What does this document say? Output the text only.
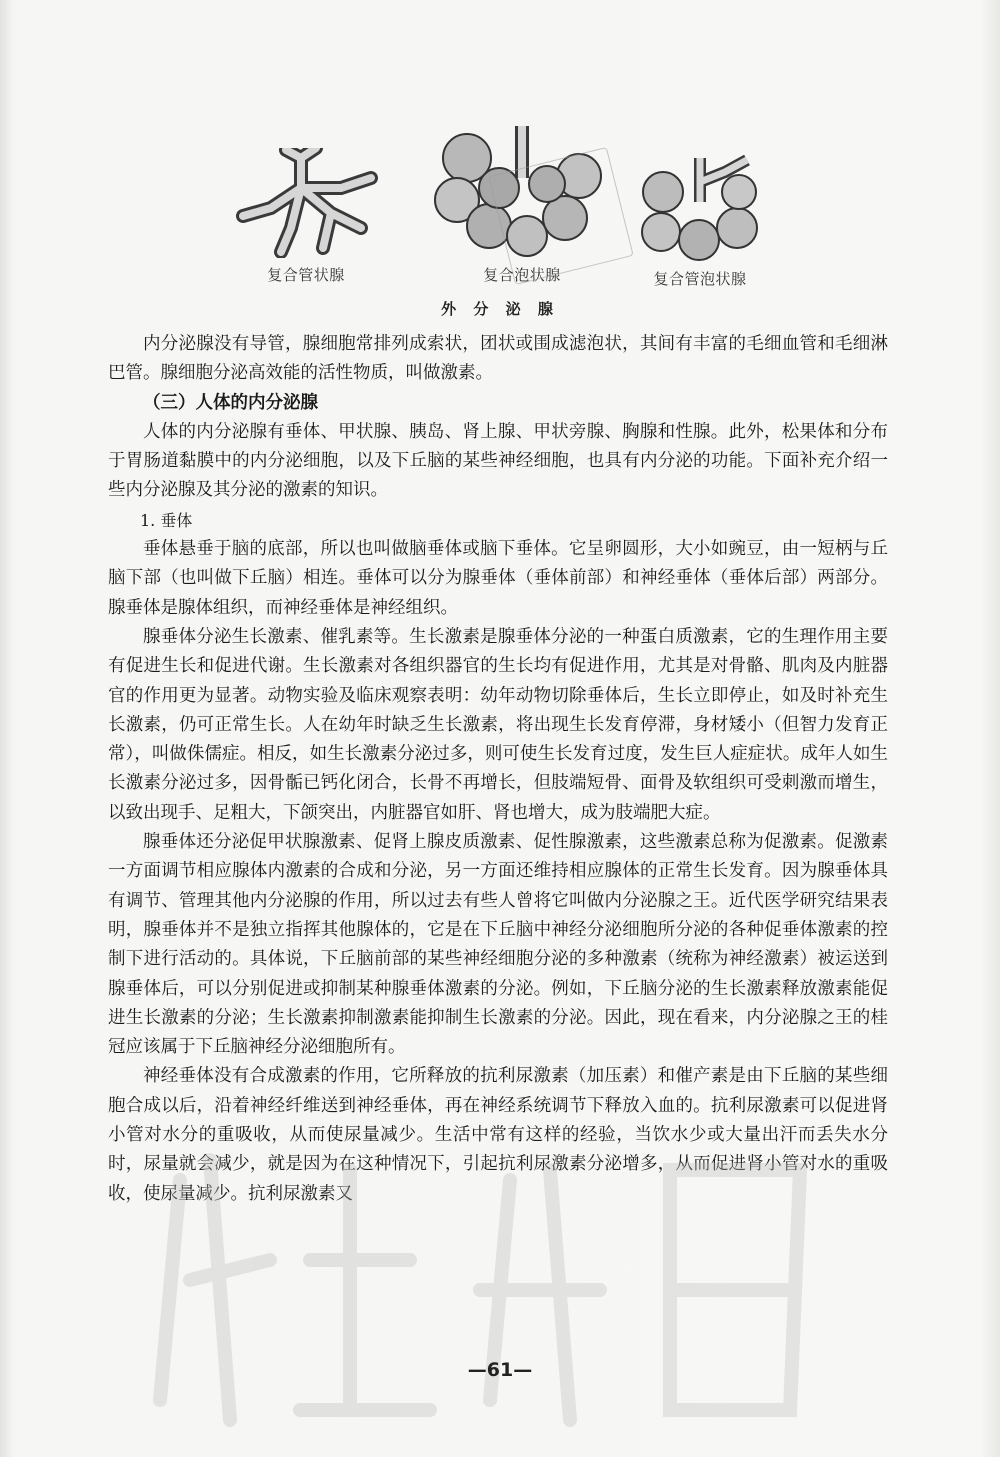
复合管状腺	复合泡状腺	复合管泡状腺
外 分 泌 腺

内分泌腺没有导管，腺细胞常排列成索状，团状或围成滤泡状，其间有丰富的毛细血管和毛细淋巴管。腺细胞分泌高效能的活性物质，叫做激素。

（三）人体的内分泌腺

人体的内分泌腺有垂体、甲状腺、胰岛、肾上腺、甲状旁腺、胸腺和性腺。此外，松果体和分布于胃肠道黏膜中的内分泌细胞，以及下丘脑的某些神经细胞，也具有内分泌的功能。下面补充介绍一些内分泌腺及其分泌的激素的知识。

1. 垂体

垂体悬垂于脑的底部，所以也叫做脑垂体或脑下垂体。它呈卵圆形，大小如豌豆，由一短柄与丘脑下部（也叫做下丘脑）相连。垂体可以分为腺垂体（垂体前部）和神经垂体（垂体后部）两部分。腺垂体是腺体组织，而神经垂体是神经组织。

腺垂体分泌生长激素、催乳素等。生长激素是腺垂体分泌的一种蛋白质激素，它的生理作用主要有促进生长和促进代谢。生长激素对各组织器官的生长均有促进作用，尤其是对骨骼、肌肉及内脏器官的作用更为显著。动物实验及临床观察表明：幼年动物切除垂体后，生长立即停止，如及时补充生长激素，仍可正常生长。人在幼年时缺乏生长激素，将出现生长发育停滞，身材矮小（但智力发育正常），叫做侏儒症。相反，如生长激素分泌过多，则可使生长发育过度，发生巨人症症状。成年人如生长激素分泌过多，因骨骺已钙化闭合，长骨不再增长，但肢端短骨、面骨及软组织可受刺激而增生，以致出现手、足粗大，下颌突出，内脏器官如肝、肾也增大，成为肢端肥大症。

腺垂体还分泌促甲状腺激素、促肾上腺皮质激素、促性腺激素，这些激素总称为促激素。促激素一方面调节相应腺体内激素的合成和分泌，另一方面还维持相应腺体的正常生长发育。因为腺垂体具有调节、管理其他内分泌腺的作用，所以过去有些人曾将它叫做内分泌腺之王。近代医学研究结果表明，腺垂体并不是独立指挥其他腺体的，它是在下丘脑中神经分泌细胞所分泌的各种促垂体激素的控制下进行活动的。具体说，下丘脑前部的某些神经细胞分泌的多种激素（统称为神经激素）被运送到腺垂体后，可以分别促进或抑制某种腺垂体激素的分泌。例如，下丘脑分泌的生长激素释放激素能促进生长激素的分泌；生长激素抑制激素能抑制生长激素的分泌。因此，现在看来，内分泌腺之王的桂冠应该属于下丘脑神经分泌细胞所有。

神经垂体没有合成激素的作用，它所释放的抗利尿激素（加压素）和催产素是由下丘脑的某些细胞合成以后，沿着神经纤维送到神经垂体，再在神经系统调节下释放入血的。抗利尿激素可以促进肾小管对水分的重吸收，从而使尿量减少。生活中常有这样的经验，当饮水少或大量出汗而丢失水分时，尿量就会减少，就是因为在这种情况下，引起抗利尿激素分泌增多，从而促进肾小管对水的重吸收，使尿量减少。抗利尿激素又

—61—
